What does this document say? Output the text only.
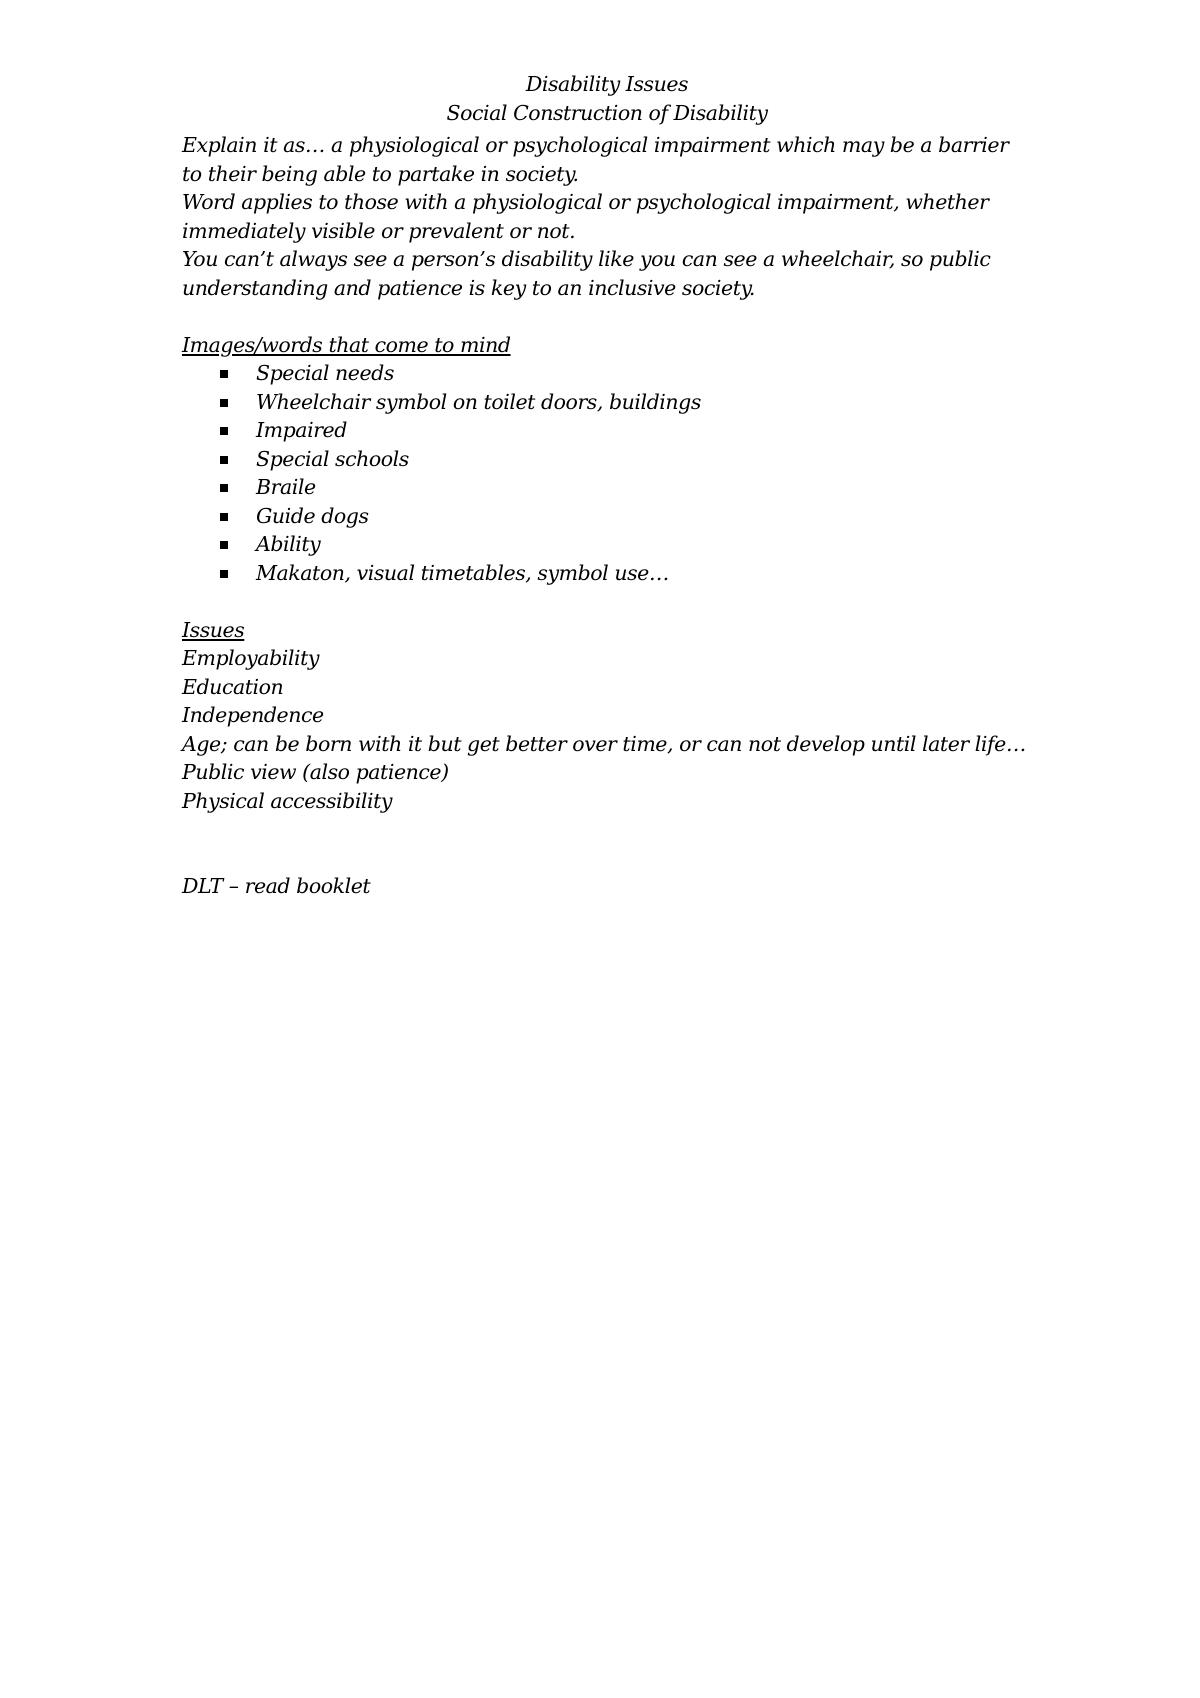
Disability Issues
Social Construction of Disability

Explain it as… a physiological or psychological impairment which may be a barrier to their being able to partake in society.

Word applies to those with a physiological or psychological impairment, whether immediately visible or prevalent or not.

You can’t always see a person’s disability like you can see a wheelchair, so public understanding and patience is key to an inclusive society.

Images/words that come to mind

Special needs
Wheelchair symbol on toilet doors, buildings
Impaired
Special schools
Braile
Guide dogs
Ability
Makaton, visual timetables, symbol use…

Issues

Employability

Education

Independence

Age; can be born with it but get better over time, or can not develop until later life…

Public view (also patience)

Physical accessibility

DLT – read booklet
